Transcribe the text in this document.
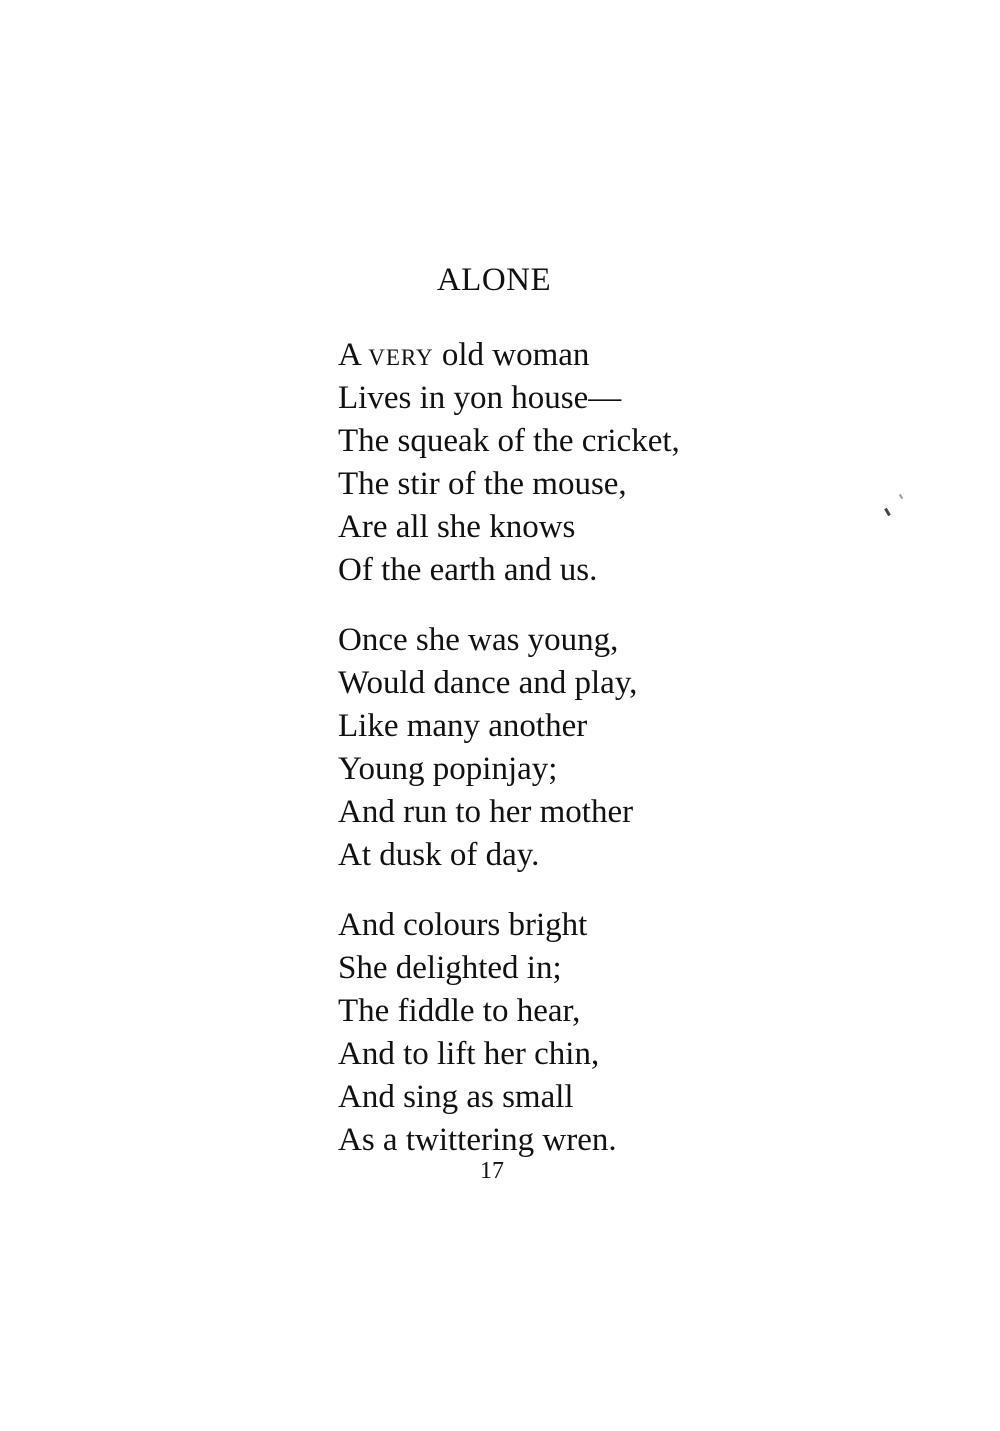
ALONE
A very old woman
Lives in yon house—
The squeak of the cricket,
The stir of the mouse,
Are all she knows
Of the earth and us.
Once she was young,
Would dance and play,
Like many another
Young popinjay;
And run to her mother
At dusk of day.
And colours bright
She delighted in;
The fiddle to hear,
And to lift her chin,
And sing as small
As a twittering wren.
17
